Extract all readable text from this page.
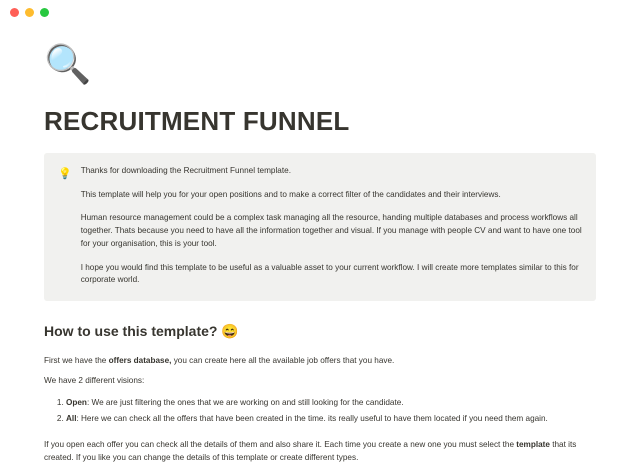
🔍
RECRUITMENT FUNNEL
💡 Thanks for downloading the Recruitment Funnel template.

This template will help you for your open positions and to make a correct filter of the candidates and their interviews.

Human resource management could be a complex task managing all the resource, handing multiple databases and process workflows all together. Thats because you need to have all the information together and visual. If you manage with people CV and want to have one tool for your organisation, this is your tool.

I hope you would find this template to be useful as a valuable asset to your current workflow. I will create more templates similar to this for corporate world.

How to use this template? 😄

First we have the offers database, you can create here all the available job offers that you have.

We have 2 different visions:

1. Open: We are just filtering the ones that we are working on and still looking for the candidate.
2. All: Here we can check all the offers that have been created in the time. its really useful to have them located if you need them again.

If you open each offer you can check all the details of them and also share it. Each time you create a new one you must select the template that its created. If you like you can change the details of this template or create different types.
